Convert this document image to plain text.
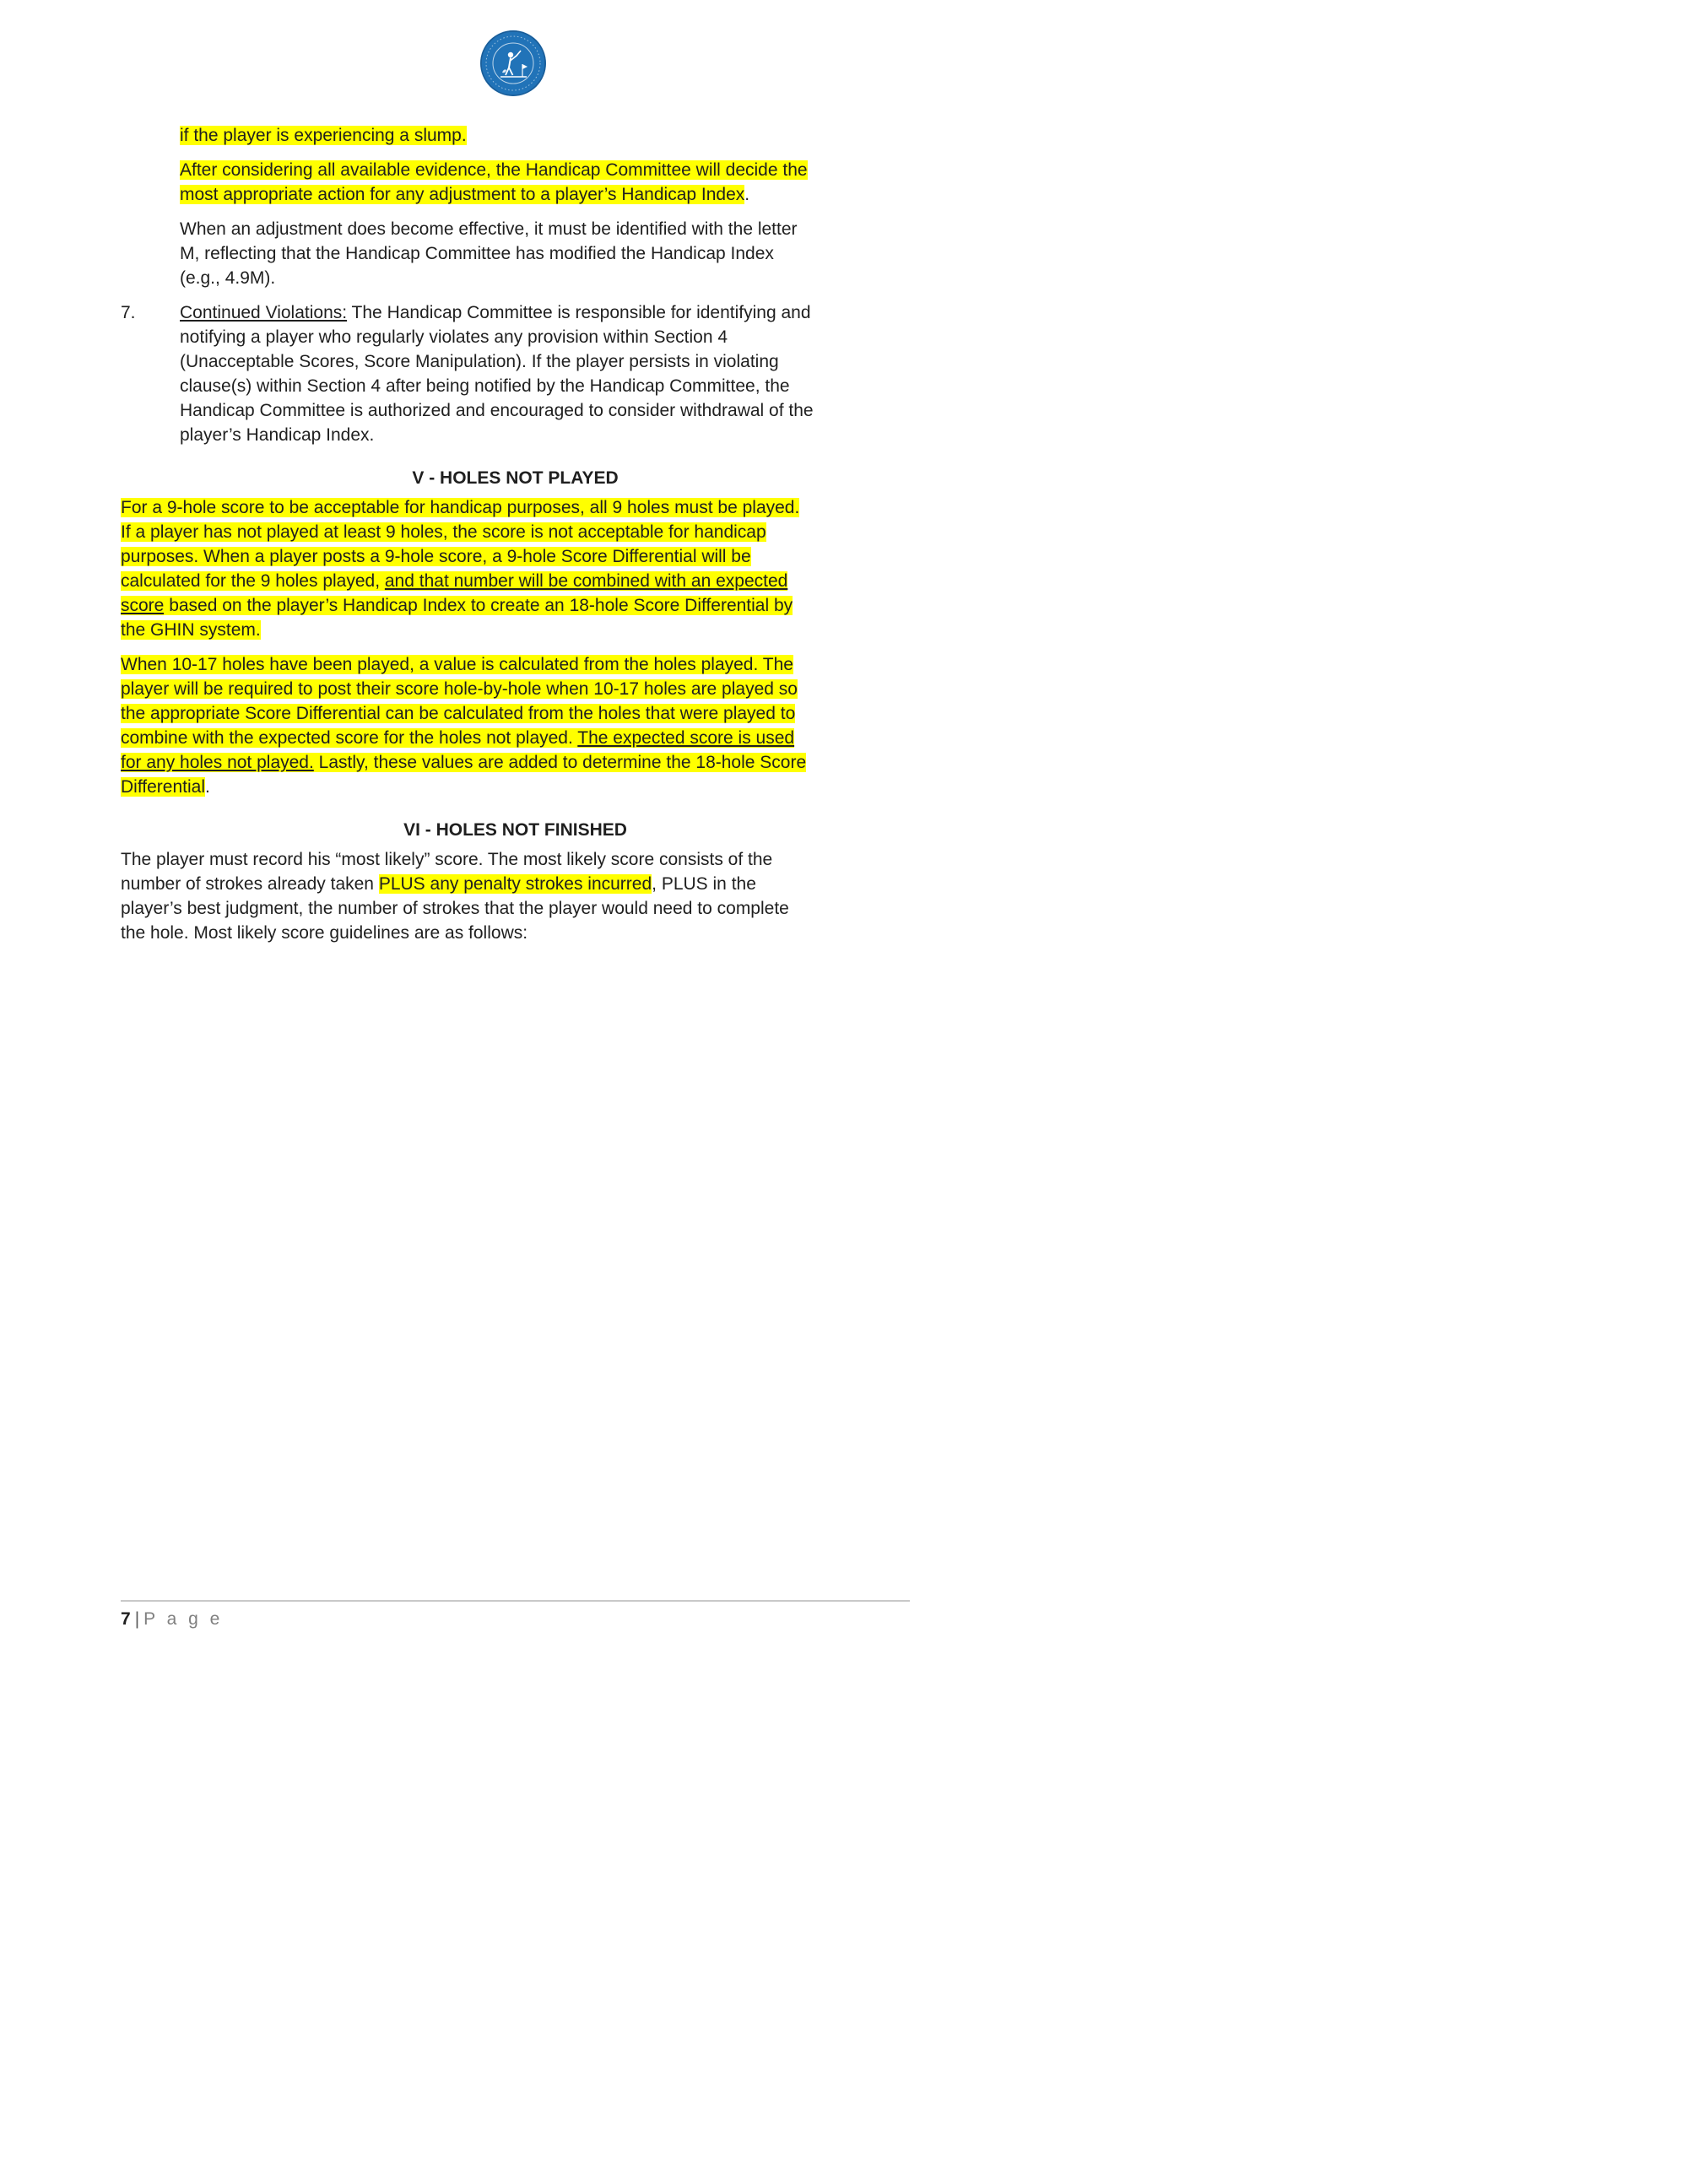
if the player is experiencing a slump.
After considering all available evidence, the Handicap Committee will decide the
most appropriate action for any adjustment to a player’s Handicap Index.
When an adjustment does become effective, it must be identified with the letter
M, reflecting that the Handicap Committee has modified the Handicap Index
(e.g., 4.9M).
7. Continued Violations: The Handicap Committee is responsible for identifying and
notifying a player who regularly violates any provision within Section 4
(Unacceptable Scores, Score Manipulation). If the player persists in violating
clause(s) within Section 4 after being notified by the Handicap Committee, the
Handicap Committee is authorized and encouraged to consider withdrawal of the
player’s Handicap Index.
V - HOLES NOT PLAYED
For a 9-hole score to be acceptable for handicap purposes, all 9 holes must be played.
If a player has not played at least 9 holes, the score is not acceptable for handicap
purposes. When a player posts a 9-hole score, a 9-hole Score Differential will be
calculated for the 9 holes played, and that number will be combined with an expected
score based on the player’s Handicap Index to create an 18-hole Score Differential by
the GHIN system.
When 10-17 holes have been played, a value is calculated from the holes played. The
player will be required to post their score hole-by-hole when 10-17 holes are played so
the appropriate Score Differential can be calculated from the holes that were played to
combine with the expected score for the holes not played. The expected score is used
for any holes not played. Lastly, these values are added to determine the 18-hole Score
Differential.
VI - HOLES NOT FINISHED
The player must record his “most likely” score. The most likely score consists of the
number of strokes already taken PLUS any penalty strokes incurred, PLUS in the
player’s best judgment, the number of strokes that the player would need to complete
the hole. Most likely score guidelines are as follows:
7 | P a g e
